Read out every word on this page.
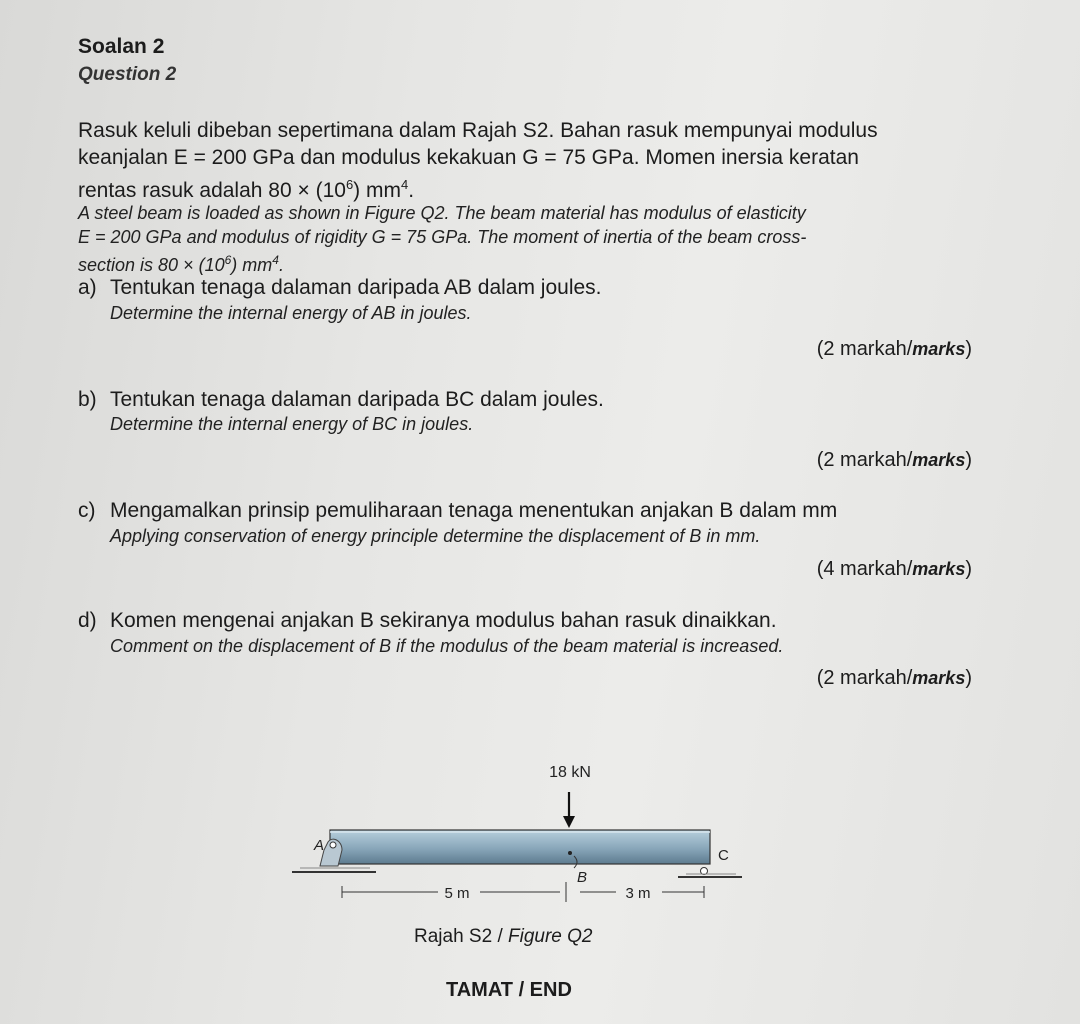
Soalan 2
Question 2
Rasuk keluli dibeban sepertimana dalam Rajah S2. Bahan rasuk mempunyai modulus
keanjalan E = 200 GPa dan modulus kekakuan G = 75 GPa. Momen inersia keratan
rentas rasuk adalah $80 \times (10^6)$ $mm^4$.
A steel beam is loaded as shown in Figure Q2. The beam material has modulus of elasticity
E = 200 GPa and modulus of rigidity G = 75 GPa. The moment of inertia of the beam cross-
section is $80 \times (10^6)$ $mm^4$.
a) Tentukan tenaga dalaman daripada AB dalam joules.
Determine the internal energy of AB in joules.
(2 markah/marks)
b) Tentukan tenaga dalaman daripada BC dalam joules.
Determine the internal energy of BC in joules.
(2 markah/marks)
c) Mengamalkan prinsip pemuliharaan tenaga menentukan anjakan B dalam mm
Applying conservation of energy principle determine the displacement of B in mm.
(4 markah/marks)
d) Komen mengenai anjakan B sekiranya modulus bahan rasuk dinaikkan.
Comment on the displacement of B if the modulus of the beam material is increased.
(2 markah/marks)
18 kN
A
C
B
5 m	3 m
Rajah S2 / Figure Q2
TAMAT / END
